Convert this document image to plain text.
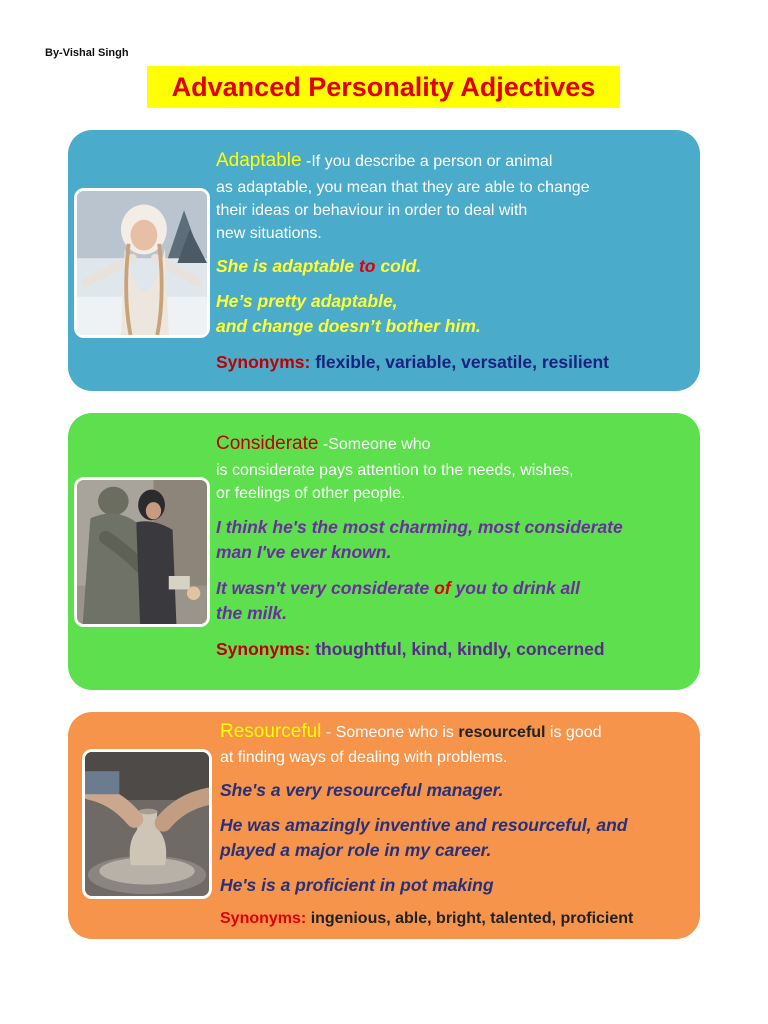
By-Vishal Singh
Advanced Personality Adjectives
Adaptable -If you describe a person or animal
as adaptable, you mean that they are able to change
their ideas or behaviour in order to deal with
new situations.
She is adaptable to cold.
He’s pretty adaptable,
and change doesn’t bother him.
Synonyms: flexible, variable, versatile, resilient
Considerate -Someone who
is considerate pays attention to the needs, wishes,
or feelings of other people.
I think he's the most charming, most considerate
man I've ever known.
It wasn't very considerate of you to drink all
the milk.
Synonyms: thoughtful, kind, kindly, concerned
Resourceful - Someone who is resourceful is good
at finding ways of dealing with problems.
She's a very resourceful manager.
He was amazingly inventive and resourceful, and
played a major role in my career.
He's is a proficient in pot making
Synonyms: ingenious, able, bright, talented, proficient
